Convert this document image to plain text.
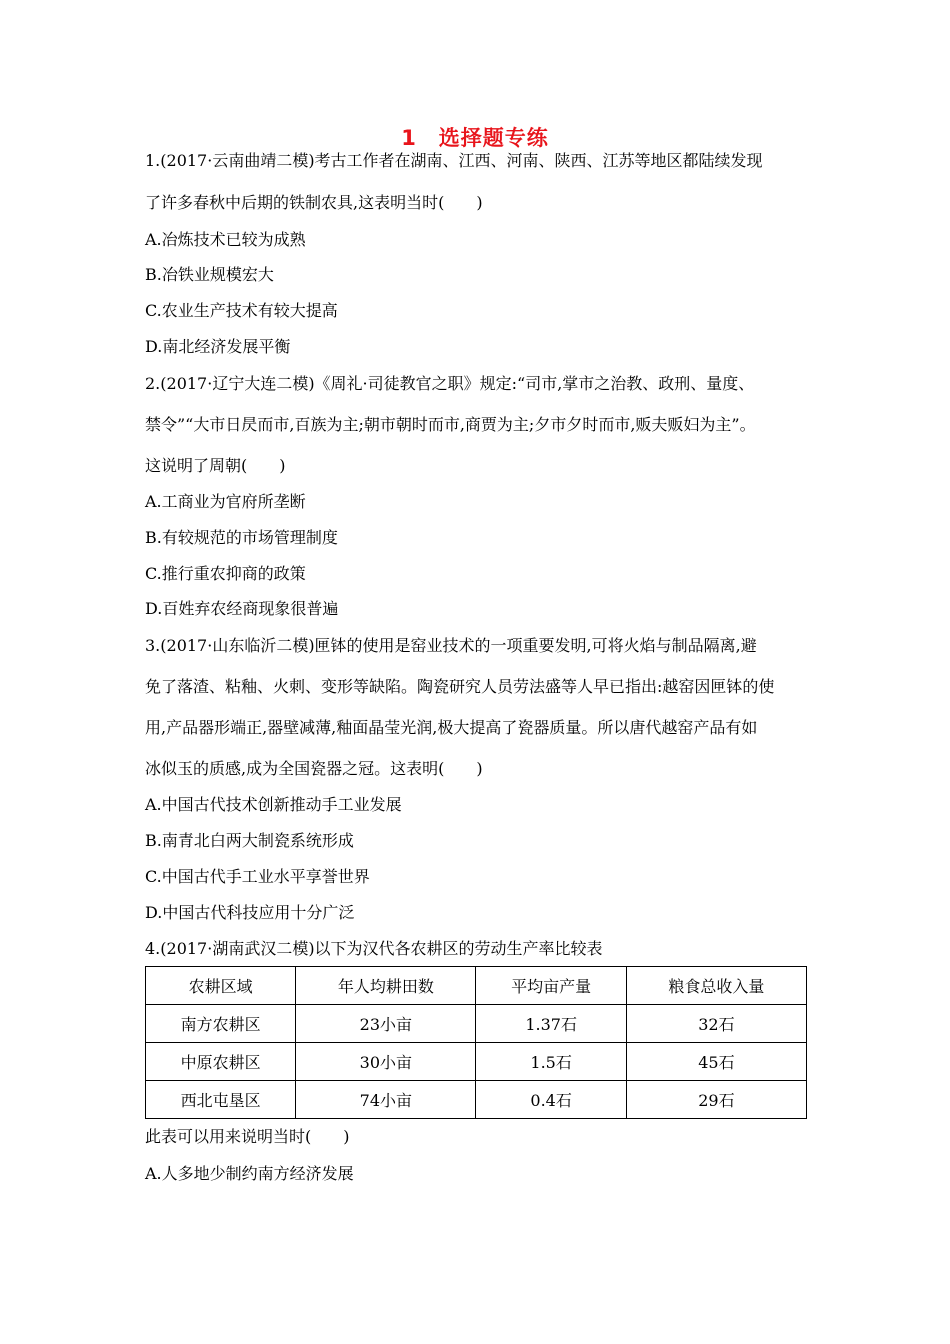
1　选择题专练
1.(2017·云南曲靖二模)考古工作者在湖南、江西、河南、陕西、江苏等地区都陆续发现
了许多春秋中后期的铁制农具,这表明当时(　　)
A.冶炼技术已较为成熟
B.冶铁业规模宏大
C.农业生产技术有较大提高
D.南北经济发展平衡
2.(2017·辽宁大连二模)《周礼·司徒教官之职》规定:“司市,掌市之治教、政刑、量度、
禁令”“大市日昃而市,百族为主;朝市朝时而市,商贾为主;夕市夕时而市,贩夫贩妇为主”。
这说明了周朝(　　)
A.工商业为官府所垄断
B.有较规范的市场管理制度
C.推行重农抑商的政策
D.百姓弃农经商现象很普遍
3.(2017·山东临沂二模)匣钵的使用是窑业技术的一项重要发明,可将火焰与制品隔离,避
免了落渣、粘釉、火刺、变形等缺陷。陶瓷研究人员劳法盛等人早已指出:越窑因匣钵的使
用,产品器形端正,器壁减薄,釉面晶莹光润,极大提高了瓷器质量。所以唐代越窑产品有如
冰似玉的质感,成为全国瓷器之冠。这表明(　　)
A.中国古代技术创新推动手工业发展
B.南青北白两大制瓷系统形成
C.中国古代手工业水平享誉世界
D.中国古代科技应用十分广泛
4.(2017·湖南武汉二模)以下为汉代各农耕区的劳动生产率比较表
农耕区域	年人均耕田数	平均亩产量	粮食总收入量
南方农耕区	23小亩	1.37石	32石
中原农耕区	30小亩	1.5石	45石
西北屯垦区	74小亩	0.4石	29石
此表可以用来说明当时(　　)
A.人多地少制约南方经济发展
